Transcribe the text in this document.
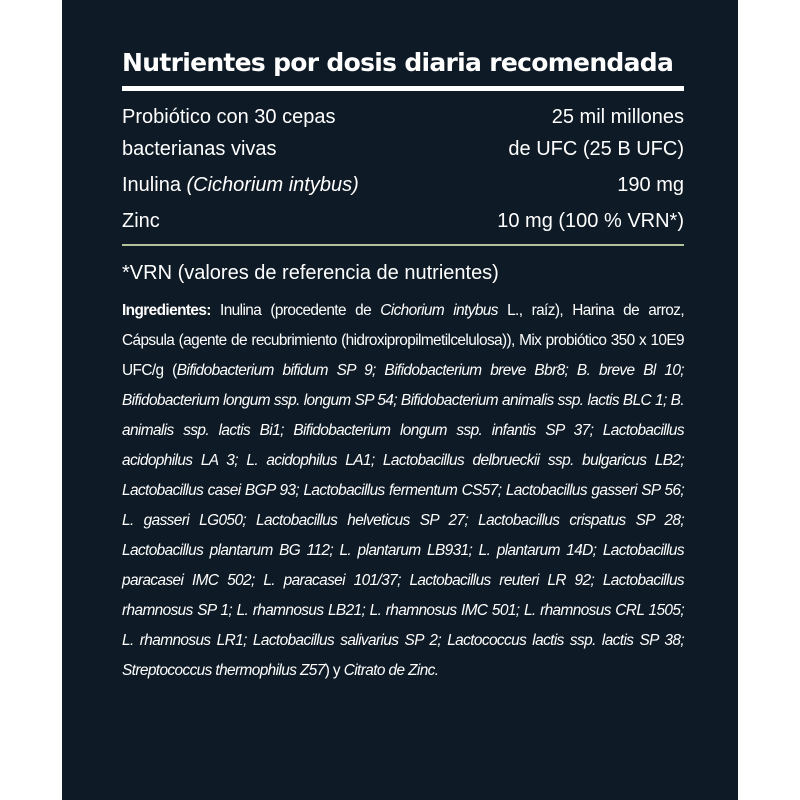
Nutrientes por dosis diaria recomendada
Probiótico con 30 cepas	25 mil millones
bacterianas vivas	de UFC (25 B UFC)
Inulina (Cichorium intybus)	190 mg
Zinc	10 mg (100 % VRN*)
*VRN (valores de referencia de nutrientes)
Ingredientes: Inulina (procedente de Cichorium intybus L., raíz), Harina de arroz, Cápsula (agente de recubrimiento (hidroxipropilmetilcelulosa)), Mix probiótico 350 x 10E9 UFC/g (Bifidobacterium bifidum SP 9; Bifidobacterium breve Bbr8; B. breve Bl 10; Bifidobacterium longum ssp. longum SP 54; Bifidobacterium animalis ssp. lactis BLC 1; B. animalis ssp. lactis Bi1; Bifidobacterium longum ssp. infantis SP 37; Lactobacillus acidophilus LA 3; L. acidophilus LA1; Lactobacillus delbrueckii ssp. bulgaricus LB2; Lactobacillus casei BGP 93; Lactobacillus fermentum CS57; Lactobacillus gasseri SP 56; L. gasseri LG050; Lactobacillus helveticus SP 27; Lactobacillus crispatus SP 28; Lactobacillus plantarum BG 112; L. plantarum LB931; L. plantarum 14D; Lactobacillus paracasei IMC 502; L. paracasei 101/37; Lactobacillus reuteri LR 92; Lactobacillus rhamnosus SP 1; L. rhamnosus LB21; L. rhamnosus IMC 501; L. rhamnosus CRL 1505; L. rhamnosus LR1; Lactobacillus salivarius SP 2; Lactococcus lactis ssp. lactis SP 38; Streptococcus thermophilus Z57) y Citrato de Zinc.
